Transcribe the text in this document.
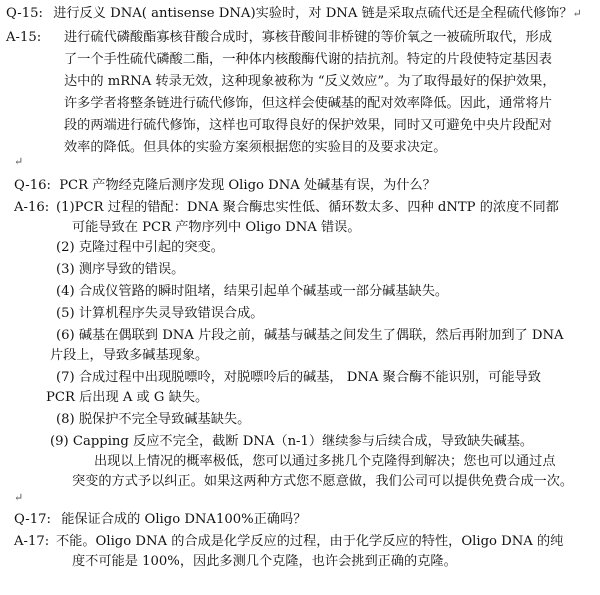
Q-15: 进行反义 DNA( antisense DNA)实验时，对 DNA 链是采取点硫代还是全程硫代修饰？ ↵
A-15: 进行硫代磷酸酯寡核苷酸合成时，寡核苷酸间非桥键的等价氧之一被硫所取代，形成
了一个手性硫代磷酸二酯，一种体内核酸酶代谢的拮抗剂。特定的片段使特定基因表
达中的 mRNA 转录无效，这种现象被称为 “反义效应”。为了取得最好的保护效果，
许多学者将整条链进行硫代修饰，但这样会使碱基的配对效率降低。因此，通常将片
段的两端进行硫代修饰，这样也可取得良好的保护效果，同时又可避免中央片段配对
效率的降低。但具体的实验方案须根据您的实验目的及要求决定。
↵
Q-16: PCR 产物经克隆后测序发现 Oligo DNA 处碱基有误，为什么？
A-16: (1)PCR 过程的错配：DNA 聚合酶忠实性低、循环数太多、四种 dNTP 的浓度不同都
可能导致在 PCR 产物序列中 Oligo DNA 错误。
(2) 克隆过程中引起的突变。
(3) 测序导致的错误。
(4) 合成仪管路的瞬时阻堵，结果引起单个碱基或一部分碱基缺失。
(5) 计算机程序失灵导致错误合成。
(6) 碱基在偶联到 DNA 片段之前，碱基与碱基之间发生了偶联，然后再附加到了 DNA
片段上，导致多碱基现象。
(7) 合成过程中出现脱嘌呤，对脱嘌呤后的碱基， DNA 聚合酶不能识别，可能导致
PCR 后出现 A 或 G 缺失。
(8) 脱保护不完全导致碱基缺失。
(9) Capping 反应不完全，截断 DNA（n-1）继续参与后续合成，导致缺失碱基。
出现以上情况的概率极低，您可以通过多挑几个克隆得到解决；您也可以通过点
突变的方式予以纠正。如果这两种方式您不愿意做，我们公司可以提供免费合成一次。
↵
Q-17: 能保证合成的 Oligo DNA100%正确吗？
A-17: 不能。Oligo DNA 的合成是化学反应的过程，由于化学反应的特性，Oligo DNA 的纯
度不可能是 100%，因此多测几个克隆，也许会挑到正确的克隆。
